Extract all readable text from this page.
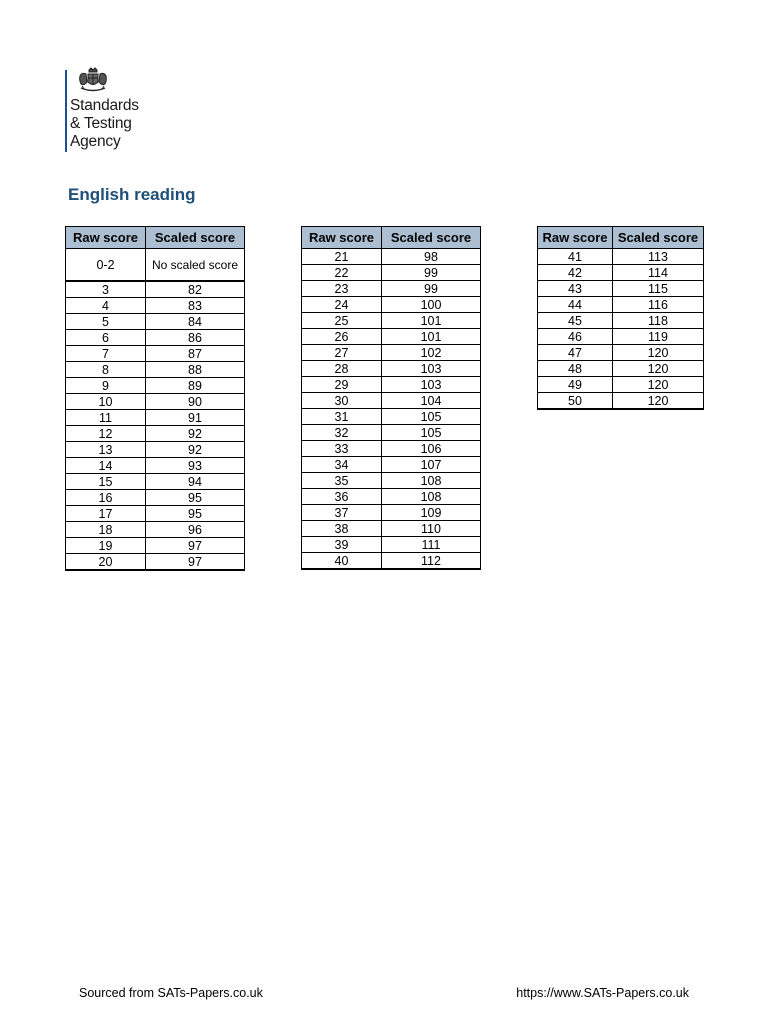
Standards
& Testing
Agency
English reading
Raw score	Scaled score
0-2	No scaled score
3	82
4	83
5	84
6	86
7	87
8	88
9	89
10	90
11	91
12	92
13	92
14	93
15	94
16	95
17	95
18	96
19	97
20	97
Raw score	Scaled score
21	98
22	99
23	99
24	100
25	101
26	101
27	102
28	103
29	103
30	104
31	105
32	105
33	106
34	107
35	108
36	108
37	109
38	110
39	111
40	112
Raw score	Scaled score
41	113
42	114
43	115
44	116
45	118
46	119
47	120
48	120
49	120
50	120
Sourced from SATs-Papers.co.uk	https://www.SATs-Papers.co.uk
